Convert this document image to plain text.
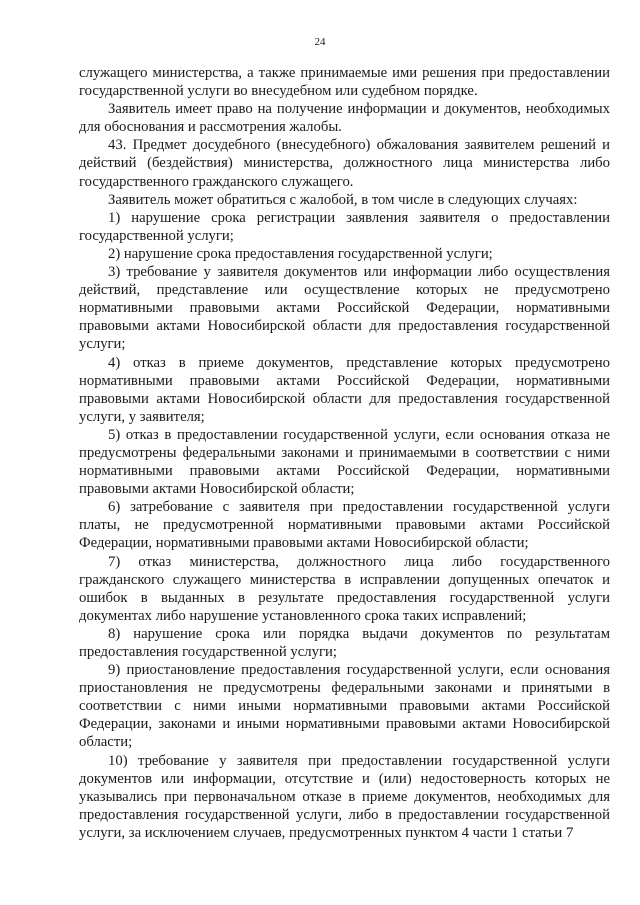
24

служащего министерства, а также принимаемые ими решения при предоставлении государственной услуги во внесудебном или судебном порядке.

Заявитель имеет право на получение информации и документов, необходимых для обоснования и рассмотрения жалобы.

43. Предмет досудебного (внесудебного) обжалования заявителем решений и действий (бездействия) министерства, должностного лица министерства либо государственного гражданского служащего.

Заявитель может обратиться с жалобой, в том числе в следующих случаях:

1) нарушение срока регистрации заявления заявителя о предоставлении государственной услуги;

2) нарушение срока предоставления государственной услуги;

3) требование у заявителя документов или информации либо осуществления действий, представление или осуществление которых не предусмотрено нормативными правовыми актами Российской Федерации, нормативными правовыми актами Новосибирской области для предоставления государственной услуги;

4) отказ в приеме документов, представление которых предусмотрено нормативными правовыми актами Российской Федерации, нормативными правовыми актами Новосибирской области для предоставления государственной услуги, у заявителя;

5) отказ в предоставлении государственной услуги, если основания отказа не предусмотрены федеральными законами и принимаемыми в соответствии с ними нормативными правовыми актами Российской Федерации, нормативными правовыми актами Новосибирской области;

6) затребование с заявителя при предоставлении государственной услуги платы, не предусмотренной нормативными правовыми актами Российской Федерации, нормативными правовыми актами Новосибирской области;

7) отказ министерства, должностного лица либо государственного гражданского служащего министерства в исправлении допущенных опечаток и ошибок в выданных в результате предоставления государственной услуги документах либо нарушение установленного срока таких исправлений;

8) нарушение срока или порядка выдачи документов по результатам предоставления государственной услуги;

9) приостановление предоставления государственной услуги, если основания приостановления не предусмотрены федеральными законами и принятыми в соответствии с ними иными нормативными правовыми актами Российской Федерации, законами и иными нормативными правовыми актами Новосибирской области;

10) требование у заявителя при предоставлении государственной услуги документов или информации, отсутствие и (или) недостоверность которых не указывались при первоначальном отказе в приеме документов, необходимых для предоставления государственной услуги, либо в предоставлении государственной услуги, за исключением случаев, предусмотренных пунктом 4 части 1 статьи 7
